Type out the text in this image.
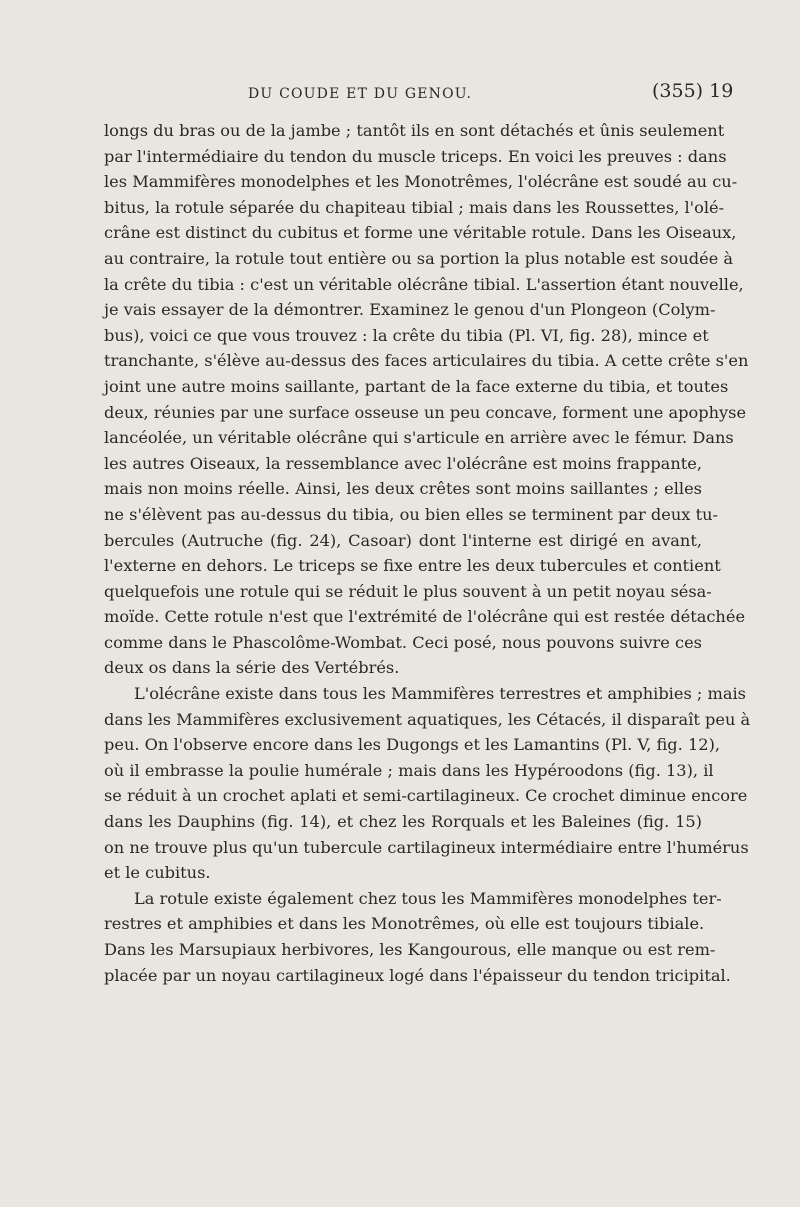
DU COUDE ET DU GENOU.	(355) 19
longs du bras ou de la jambe ; tantôt ils en sont détachés et ûnis seulement
par l'intermédiaire du tendon du muscle triceps. En voici les preuves : dans
les Mammifères monodelphes et les Monotrêmes, l'olécrâne est soudé au cu-
bitus, la rotule séparée du chapiteau tibial ; mais dans les Roussettes, l'olé-
crâne est distinct du cubitus et forme une véritable rotule. Dans les Oiseaux,
au contraire, la rotule tout entière ou sa portion la plus notable est soudée à
la crête du tibia : c'est un véritable olécrâne tibial. L'assertion étant nouvelle,
je vais essayer de la démontrer. Examinez le genou d'un Plongeon (Colym-
bus), voici ce que vous trouvez : la crête du tibia (Pl. VI, fig. 28), mince et
tranchante, s'élève au-dessus des faces articulaires du tibia. A cette crête s'en
joint une autre moins saillante, partant de la face externe du tibia, et toutes
deux, réunies par une surface osseuse un peu concave, forment une apophyse
lancéolée, un véritable olécrâne qui s'articule en arrière avec le fémur. Dans
les autres Oiseaux, la ressemblance avec l'olécrâne est moins frappante,
mais non moins réelle. Ainsi, les deux crêtes sont moins saillantes ; elles
ne s'élèvent pas au-dessus du tibia, ou bien elles se terminent par deux tu-
bercules (Autruche (fig. 24), Casoar) dont l'interne est dirigé en avant,
l'externe en dehors. Le triceps se fixe entre les deux tubercules et contient
quelquefois une rotule qui se réduit le plus souvent à un petit noyau sésa-
moïde. Cette rotule n'est que l'extrémité de l'olécrâne qui est restée détachée
comme dans le Phascolôme-Wombat. Ceci posé, nous pouvons suivre ces
deux os dans la série des Vertébrés.
L'olécrâne existe dans tous les Mammifères terrestres et amphibies ; mais
dans les Mammifères exclusivement aquatiques, les Cétacés, il disparaît peu à
peu. On l'observe encore dans les Dugongs et les Lamantins (Pl. V, fig. 12),
où il embrasse la poulie humérale ; mais dans les Hypéroodons (fig. 13), il
se réduit à un crochet aplati et semi-cartilagineux. Ce crochet diminue encore
dans les Dauphins (fig. 14), et chez les Rorquals et les Baleines (fig. 15)
on ne trouve plus qu'un tubercule cartilagineux intermédiaire entre l'humérus
et le cubitus.
La rotule existe également chez tous les Mammifères monodelphes ter-
restres et amphibies et dans les Monotrêmes, où elle est toujours tibiale.
Dans les Marsupiaux herbivores, les Kangourous, elle manque ou est rem-
placée par un noyau cartilagineux logé dans l'épaisseur du tendon tricipital.
